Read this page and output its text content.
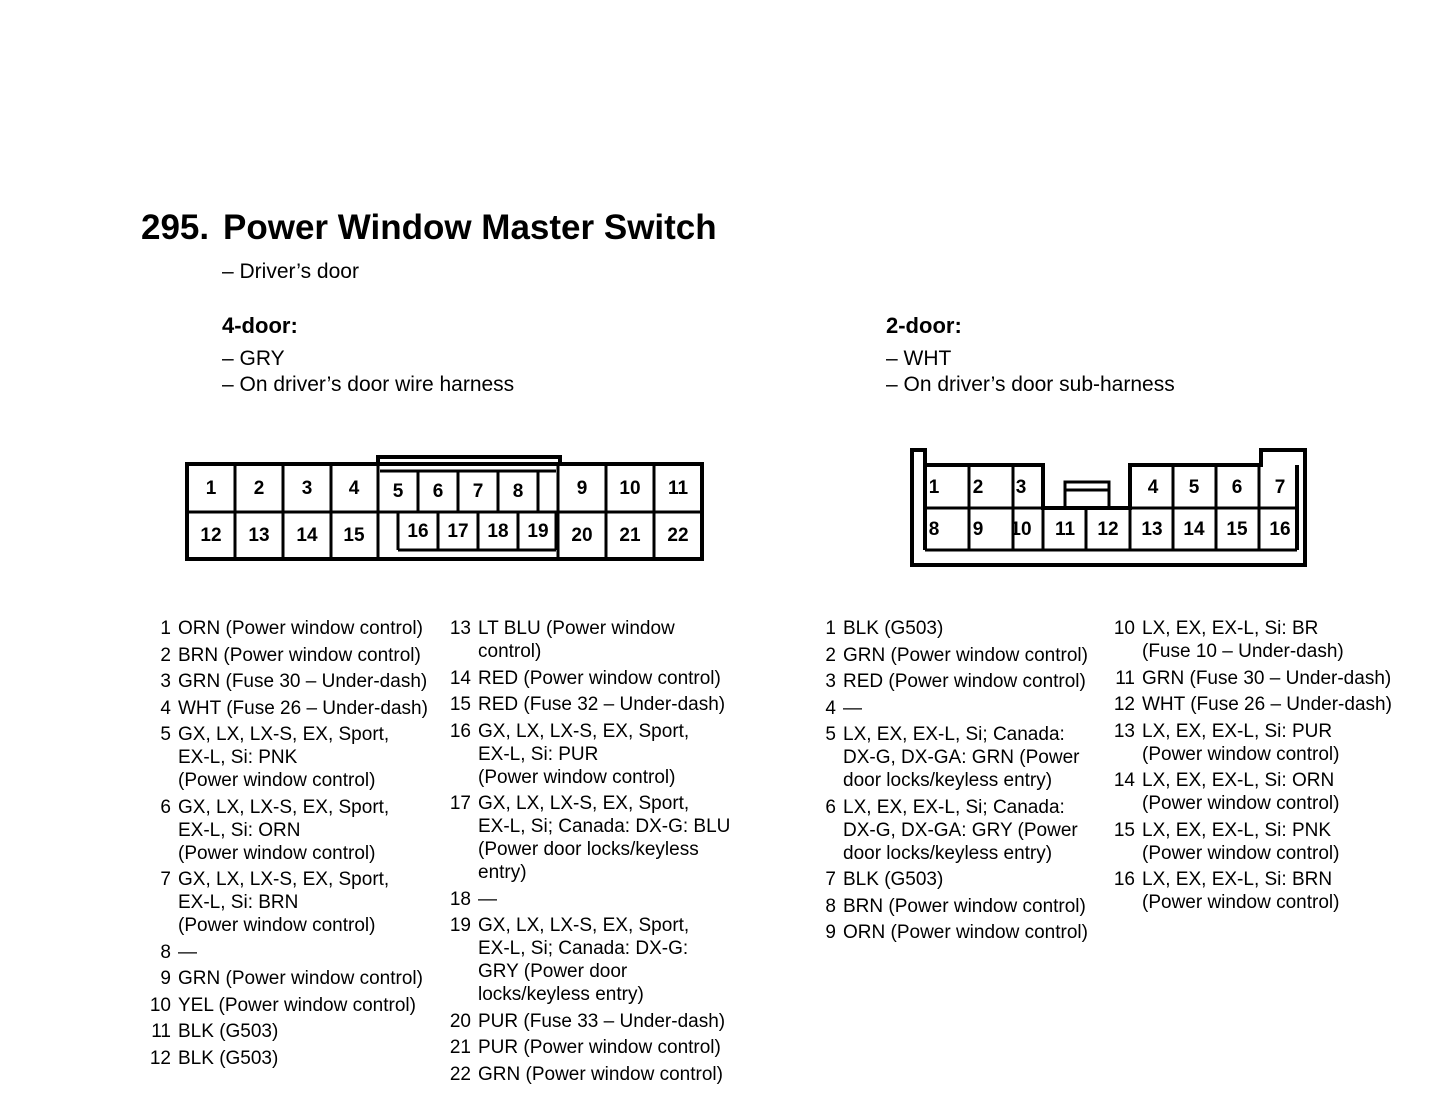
295. Power Window Master Switch
– Driver’s door
4-door:
– GRY
– On driver’s door wire harness
2-door:
– WHT
– On driver’s door sub-harness
1 2 3 4 5 6 7 8	9 10 11
12 13 14 15 16 17 18 19 20 21 22
1 2 3	4 5 6 7
8 9 10 11 12 13 14 15 16
1 ORN (Power window control)
2 BRN (Power window control)
3 GRN (Fuse 30 – Under-dash)
4 WHT (Fuse 26 – Under-dash)
5 GX, LX, LX-S, EX, Sport,
EX-L, Si: PNK
(Power window control)
6 GX, LX, LX-S, EX, Sport,
EX-L, Si: ORN
(Power window control)
7 GX, LX, LX-S, EX, Sport,
EX-L, Si: BRN
(Power window control)
8 —
9 GRN (Power window control)
10 YEL (Power window control)
11 BLK (G503)
12 BLK (G503)
13 LT BLU (Power window
control)
14 RED (Power window control)
15 RED (Fuse 32 – Under-dash)
16 GX, LX, LX-S, EX, Sport,
EX-L, Si: PUR
(Power window control)
17 GX, LX, LX-S, EX, Sport,
EX-L, Si; Canada: DX-G: BLU
(Power door locks/keyless
entry)
18 —
19 GX, LX, LX-S, EX, Sport,
EX-L, Si; Canada: DX-G:
GRY (Power door
locks/keyless entry)
20 PUR (Fuse 33 – Under-dash)
21 PUR (Power window control)
22 GRN (Power window control)
1 BLK (G503)
2 GRN (Power window control)
3 RED (Power window control)
4 —
5 LX, EX, EX-L, Si; Canada:
DX-G, DX-GA: GRN (Power
door locks/keyless entry)
6 LX, EX, EX-L, Si; Canada:
DX-G, DX-GA: GRY (Power
door locks/keyless entry)
7 BLK (G503)
8 BRN (Power window control)
9 ORN (Power window control)
10 LX, EX, EX-L, Si: BR
(Fuse 10 – Under-dash)
11 GRN (Fuse 30 – Under-dash)
12 WHT (Fuse 26 – Under-dash)
13 LX, EX, EX-L, Si: PUR
(Power window control)
14 LX, EX, EX-L, Si: ORN
(Power window control)
15 LX, EX, EX-L, Si: PNK
(Power window control)
16 LX, EX, EX-L, Si: BRN
(Power window control)
